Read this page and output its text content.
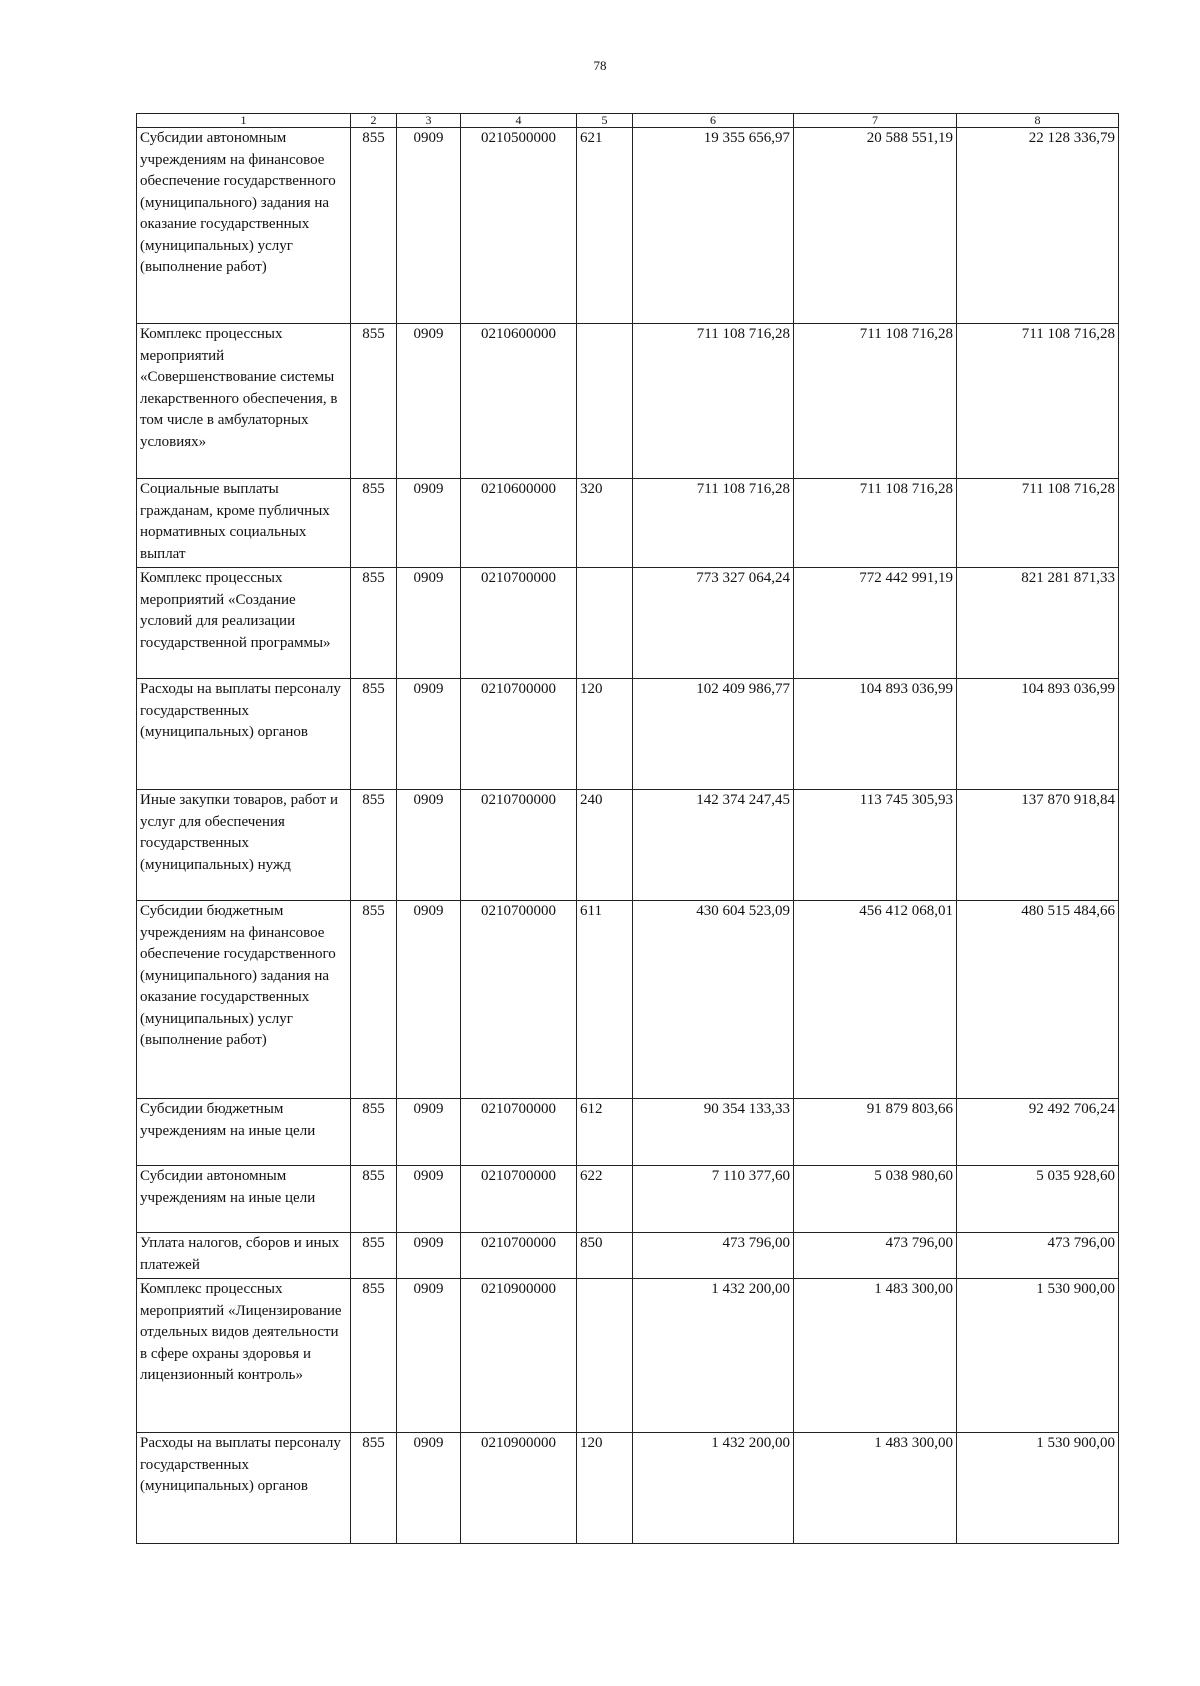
78
1	2	3	4	5	6	7	8
Субсидии автономным учреждениям на финансовое обеспечение государственного (муниципального) задания на оказание государственных (муниципальных) услуг (выполнение работ)	855	0909	0210500000	621	19 355 656,97	20 588 551,19	22 128 336,79
Комплекс процессных мероприятий «Совершенствование системы лекарственного обеспечения, в том числе в амбулаторных условиях»	855	0909	0210600000		711 108 716,28	711 108 716,28	711 108 716,28
Социальные выплаты гражданам, кроме публичных нормативных социальных выплат	855	0909	0210600000	320	711 108 716,28	711 108 716,28	711 108 716,28
Комплекс процессных мероприятий «Создание условий для реализации государственной программы»	855	0909	0210700000		773 327 064,24	772 442 991,19	821 281 871,33
Расходы на выплаты персоналу государственных (муниципальных) органов	855	0909	0210700000	120	102 409 986,77	104 893 036,99	104 893 036,99
Иные закупки товаров, работ и услуг для обеспечения государственных (муниципальных) нужд	855	0909	0210700000	240	142 374 247,45	113 745 305,93	137 870 918,84
Субсидии бюджетным учреждениям на финансовое обеспечение государственного (муниципального) задания на оказание государственных (муниципальных) услуг (выполнение работ)	855	0909	0210700000	611	430 604 523,09	456 412 068,01	480 515 484,66
Субсидии бюджетным учреждениям на иные цели	855	0909	0210700000	612	90 354 133,33	91 879 803,66	92 492 706,24
Субсидии автономным учреждениям на иные цели	855	0909	0210700000	622	7 110 377,60	5 038 980,60	5 035 928,60
Уплата налогов, сборов и иных платежей	855	0909	0210700000	850	473 796,00	473 796,00	473 796,00
Комплекс процессных мероприятий «Лицензирование отдельных видов деятельности в сфере охраны здоровья и лицензионный контроль»	855	0909	0210900000		1 432 200,00	1 483 300,00	1 530 900,00
Расходы на выплаты персоналу государственных (муниципальных) органов	855	0909	0210900000	120	1 432 200,00	1 483 300,00	1 530 900,00
